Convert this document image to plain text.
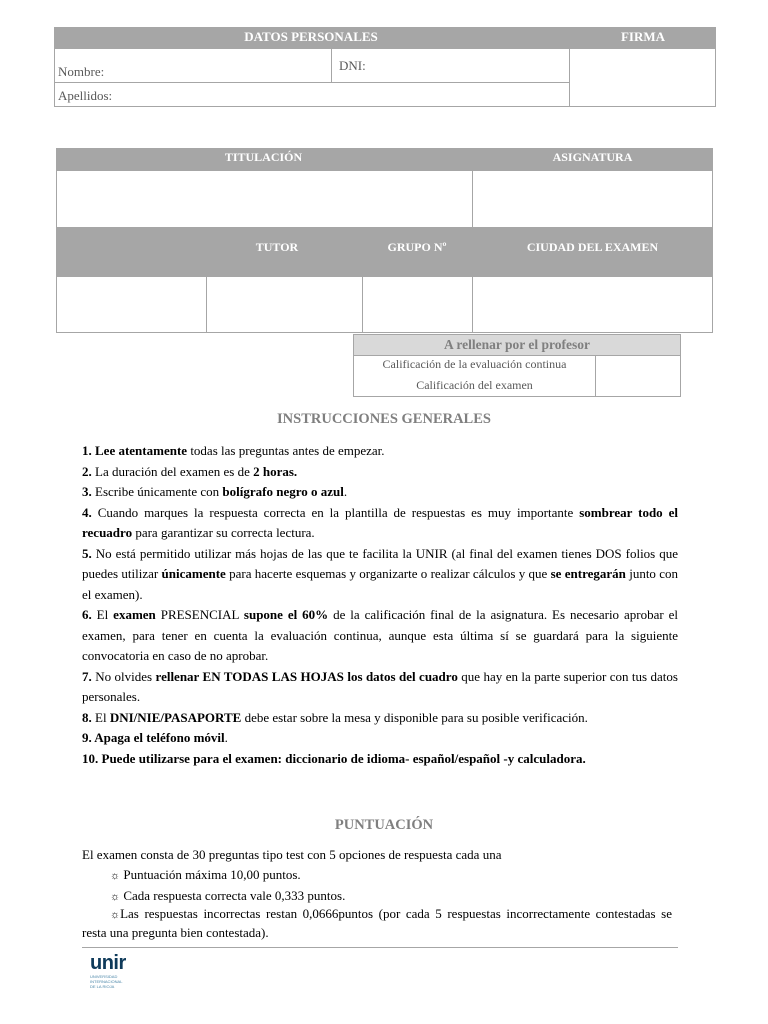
DATOS PERSONALES	FIRMA
Nombre:	DNI:
Apellidos:
TITULACIÓN	ASIGNATURA
TUTOR	GRUPO Nº	CIUDAD DEL EXAMEN
A rellenar por el profesor
Calificación de la evaluación continua
Calificación del examen
INSTRUCCIONES GENERALES

1. Lee atentamente todas las preguntas antes de empezar.

2. La duración del examen es de 2 horas.

3. Escribe únicamente con bolígrafo negro o azul.

4. Cuando marques la respuesta correcta en la plantilla de respuestas es muy importante sombrear todo el recuadro para garantizar su correcta lectura.

5. No está permitido utilizar más hojas de las que te facilita la UNIR (al final del examen tienes DOS folios que puedes utilizar únicamente para hacerte esquemas y organizarte o realizar cálculos y que se entregarán junto con el examen).

6. El examen PRESENCIAL supone el 60% de la calificación final de la asignatura. Es necesario aprobar el examen, para tener en cuenta la evaluación continua, aunque esta última sí se guardará para la siguiente convocatoria en caso de no aprobar.

7. No olvides rellenar EN TODAS LAS HOJAS los datos del cuadro que hay en la parte superior con tus datos personales.

8. El DNI/NIE/PASAPORTE debe estar sobre la mesa y disponible para su posible verificación.

9. Apaga el teléfono móvil.

10. Puede utilizarse para el examen: diccionario de idioma- español/español -y calculadora.

PUNTUACIÓN

El examen consta de 30 preguntas tipo test con 5 opciones de respuesta cada una

☼ Puntuación máxima 10,00 puntos.

☼ Cada respuesta correcta vale 0,333 puntos.

☼Las respuestas incorrectas restan 0,0666puntos (por cada 5 respuestas incorrectamente contestadas se resta una pregunta bien contestada).
unir
UNIVERSIDAD
INTERNACIONAL
DE LA RIOJA
